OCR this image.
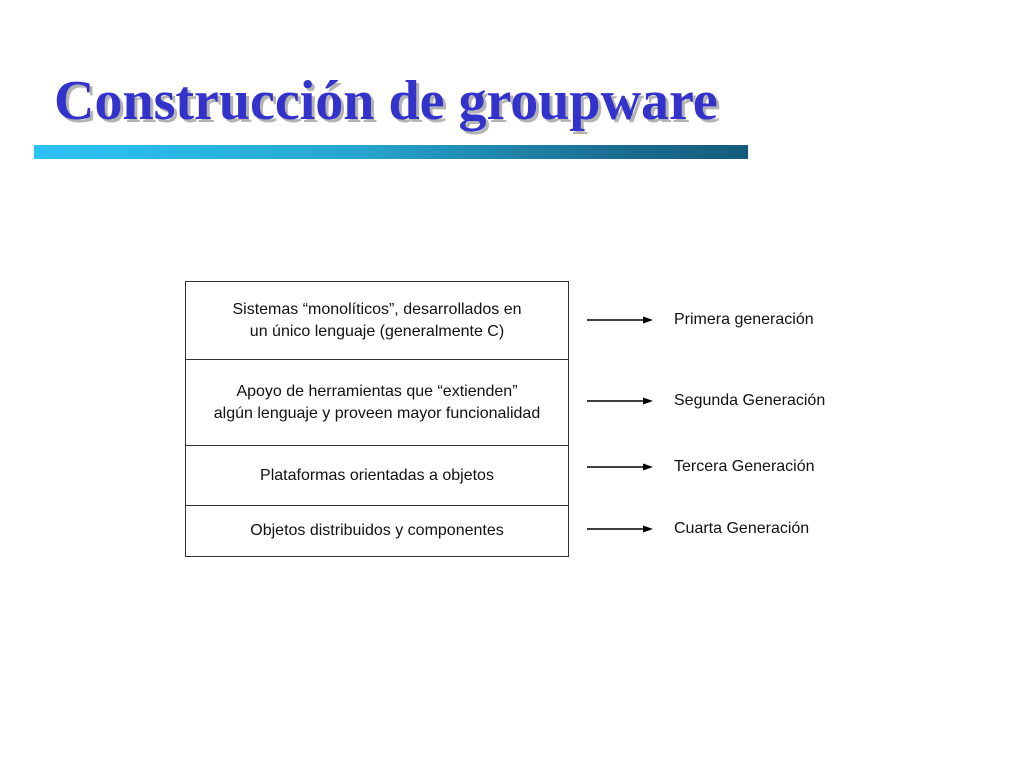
Construcción de groupware
Sistemas “monolíticos”, desarrollados en
un único lenguaje (generalmente C)
Apoyo de herramientas que “extienden”
algún lenguaje y proveen mayor funcionalidad
Plataformas orientadas a objetos
Objetos distribuidos y componentes
Primera generación
Segunda Generación
Tercera Generación
Cuarta Generación
